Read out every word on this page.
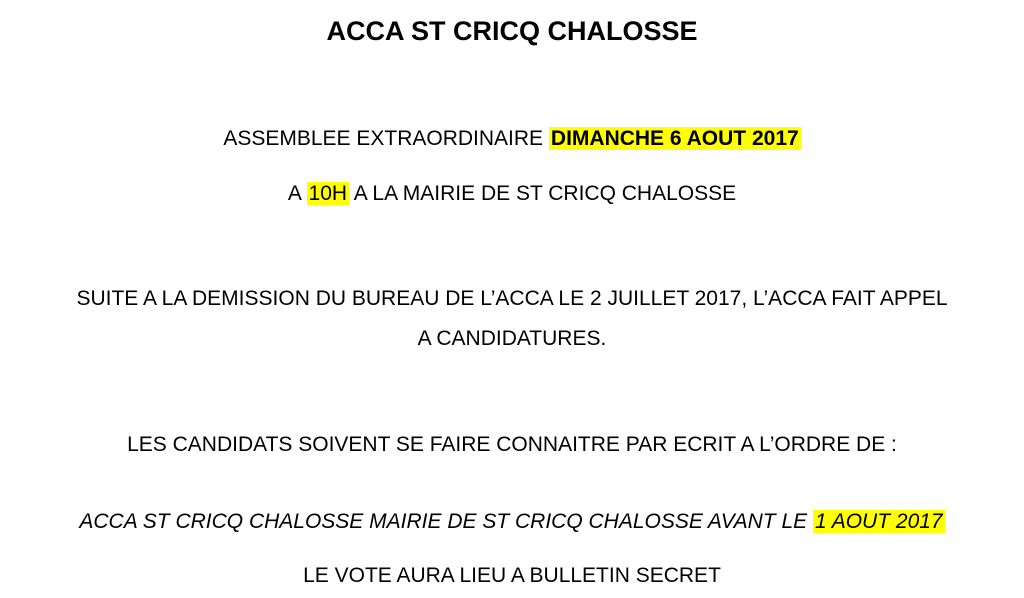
ACCA ST CRICQ CHALOSSE
ASSEMBLEE EXTRAORDINAIRE DIMANCHE 6 AOUT 2017
A 10H A LA MAIRIE DE ST CRICQ CHALOSSE
SUITE A LA DEMISSION DU BUREAU DE L’ACCA LE 2 JUILLET 2017, L’ACCA FAIT APPEL
A CANDIDATURES.
LES CANDIDATS SOIVENT SE FAIRE CONNAITRE PAR ECRIT A L’ORDRE DE :
ACCA ST CRICQ CHALOSSE MAIRIE DE ST CRICQ CHALOSSE AVANT LE 1 AOUT 2017
LE VOTE AURA LIEU A BULLETIN SECRET
